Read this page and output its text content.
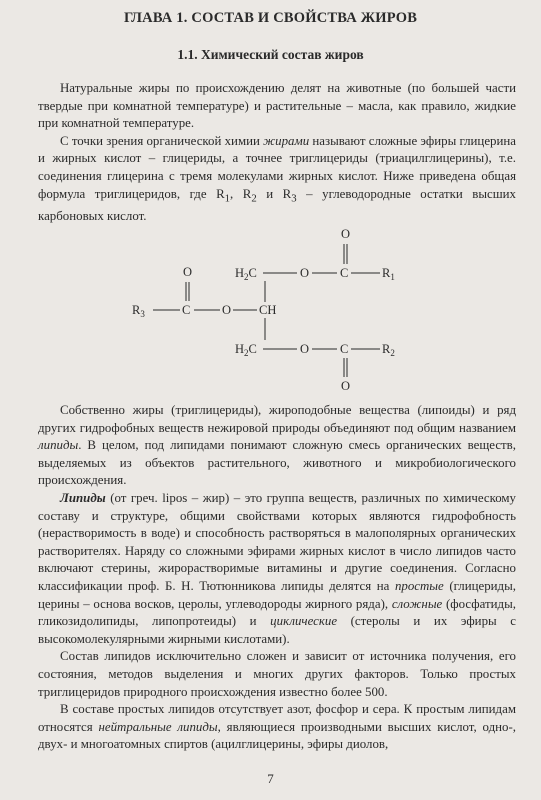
ГЛАВА 1. СОСТАВ И СВОЙСТВА ЖИРОВ
1.1. Химический состав жиров

Натуральные жиры по происхождению делят на животные (по большей части твердые при комнатной температуре) и растительные – масла, как правило, жидкие при комнатной температуре.

С точки зрения органической химии жирами называют сложные эфиры глицерина и жирных кислот – глицериды, а точнее триглицериды (триацилглицерины), т.е. соединения глицерина с тремя молекулами жирных кислот. Ниже приведена общая формула триглицеридов, где $R_1$, $R_2$ и $R_3$ – углеводородные остатки высших карбоновых кислот.

$H_2C$	O C
O
$R_1$
$R_3$	C
O
O CH
$H_2C$	O C
O
$R_2$

Собственно жиры (триглицериды), жироподобные вещества (липоиды) и ряд других гидрофобных веществ нежировой природы объединяют под общим названием липиды. В целом, под липидами понимают сложную смесь органических веществ, выделяемых из объектов растительного, животного и микробиологического происхождения.

Липиды (от греч. lipos – жир) – это группа веществ, различных по химическому составу и структуре, общими свойствами которых являются гидрофобность (нерастворимость в воде) и способность растворяться в малополярных органических растворителях. Наряду со сложными эфирами жирных кислот в число липидов часто включают стерины, жирорастворимые витамины и другие соединения. Согласно классификации проф. Б. Н. Тютюнникова липиды делятся на простые (глицериды, церины – основа восков, церолы, углеводороды жирного ряда), сложные (фосфатиды, гликозидолипиды, липопротеиды) и циклические (стеролы и их эфиры с высокомолекулярными жирными кислотами).

Состав липидов исключительно сложен и зависит от источника получения, его состояния, методов выделения и многих других факторов. Только простых триглицеридов природного происхождения известно более 500.

В составе простых липидов отсутствует азот, фосфор и сера. К простым липидам относятся нейтральные липиды, являющиеся производными высших кислот, одно-, двух- и многоатомных спиртов (ацилглицерины, эфиры диолов,

7
